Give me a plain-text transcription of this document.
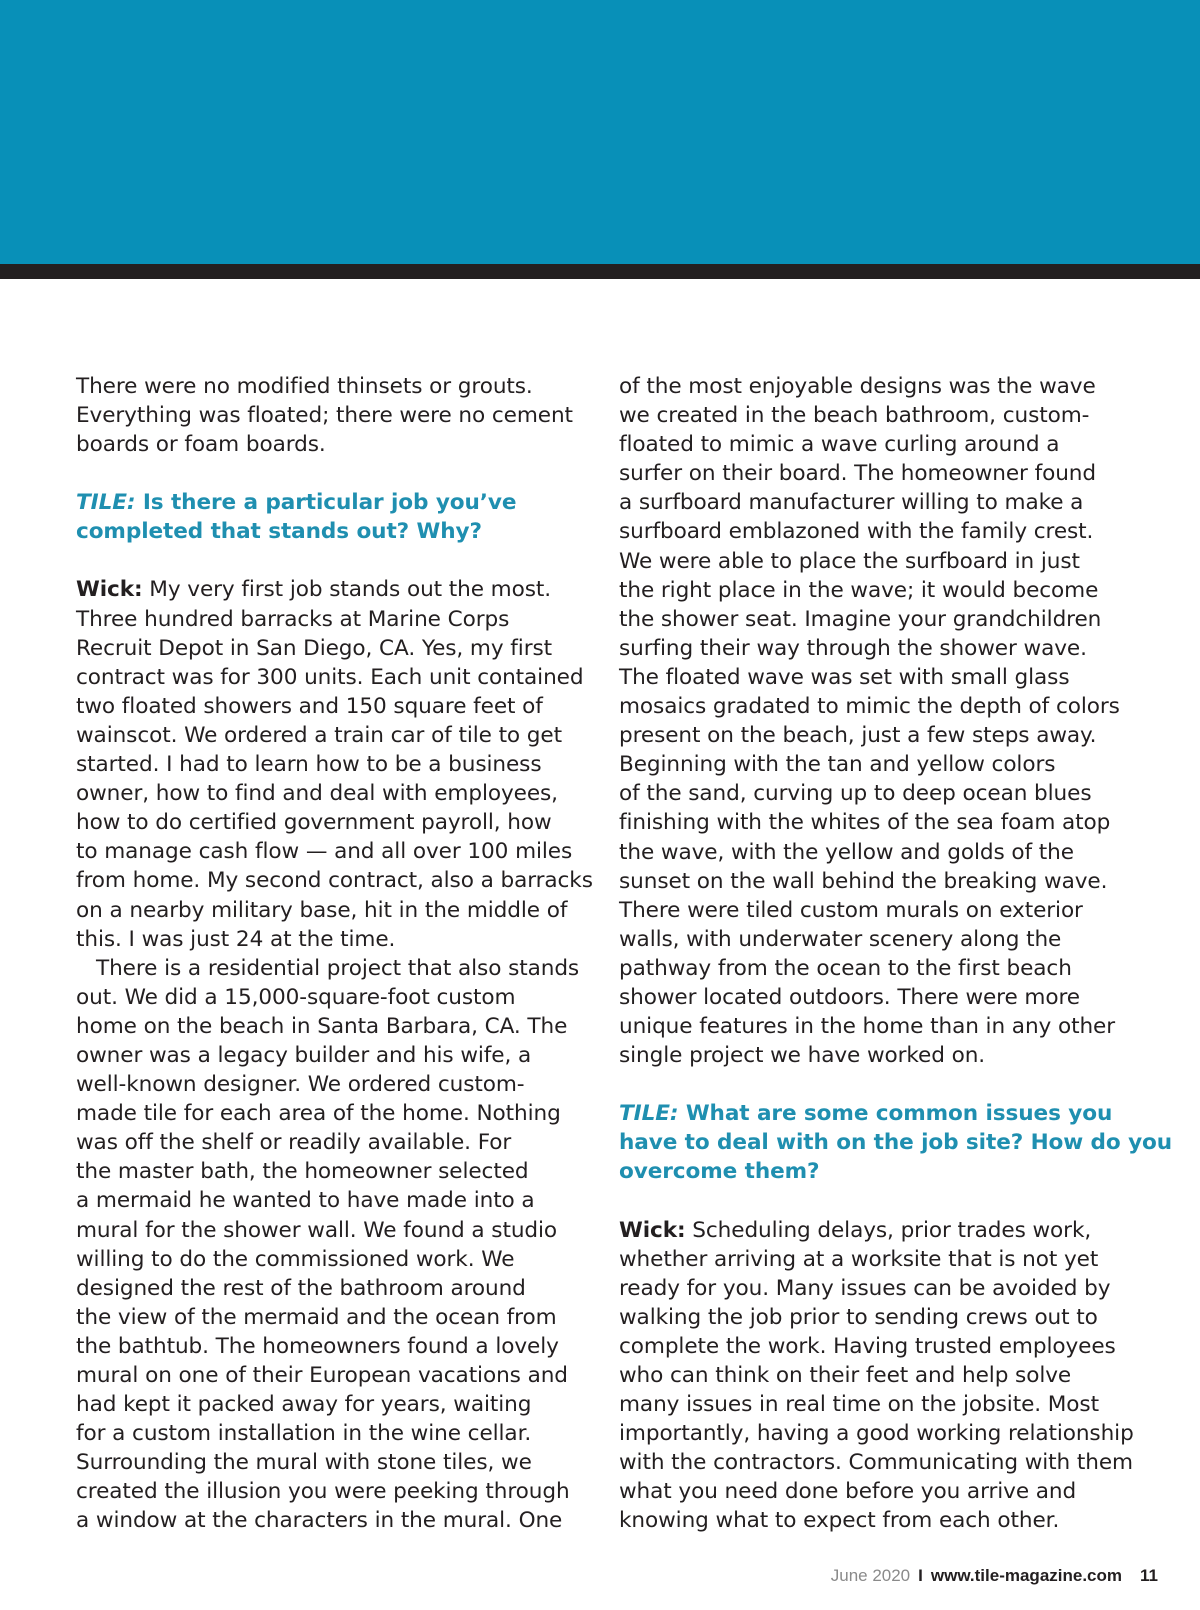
There were no modified thinsets or grouts.
Everything was floated; there were no cement
boards or foam boards.

TILE: Is there a particular job you’ve
completed that stands out? Why?

Wick: My very first job stands out the most.
Three hundred barracks at Marine Corps
Recruit Depot in San Diego, CA. Yes, my first
contract was for 300 units. Each unit contained
two floated showers and 150 square feet of
wainscot. We ordered a train car of tile to get
started. I had to learn how to be a business
owner, how to find and deal with employees,
how to do certified government payroll, how
to manage cash flow — and all over 100 miles
from home. My second contract, also a barracks
on a nearby military base, hit in the middle of
this. I was just 24 at the time.

There is a residential project that also stands
out. We did a 15,000-square-foot custom
home on the beach in Santa Barbara, CA. The
owner was a legacy builder and his wife, a
well-known designer. We ordered custom-
made tile for each area of the home. Nothing
was off the shelf or readily available. For
the master bath, the homeowner selected
a mermaid he wanted to have made into a
mural for the shower wall. We found a studio
willing to do the commissioned work. We
designed the rest of the bathroom around
the view of the mermaid and the ocean from
the bathtub. The homeowners found a lovely
mural on one of their European vacations and
had kept it packed away for years, waiting
for a custom installation in the wine cellar.
Surrounding the mural with stone tiles, we
created the illusion you were peeking through
a window at the characters in the mural. One

of the most enjoyable designs was the wave
we created in the beach bathroom, custom-
floated to mimic a wave curling around a
surfer on their board. The homeowner found
a surfboard manufacturer willing to make a
surfboard emblazoned with the family crest.
We were able to place the surfboard in just
the right place in the wave; it would become
the shower seat. Imagine your grandchildren
surfing their way through the shower wave.
The floated wave was set with small glass
mosaics gradated to mimic the depth of colors
present on the beach, just a few steps away.
Beginning with the tan and yellow colors
of the sand, curving up to deep ocean blues
finishing with the whites of the sea foam atop
the wave, with the yellow and golds of the
sunset on the wall behind the breaking wave.
There were tiled custom murals on exterior
walls, with underwater scenery along the
pathway from the ocean to the first beach
shower located outdoors. There were more
unique features in the home than in any other
single project we have worked on.

TILE: What are some common issues you
have to deal with on the job site? How do you
overcome them?

Wick: Scheduling delays, prior trades work,
whether arriving at a worksite that is not yet
ready for you. Many issues can be avoided by
walking the job prior to sending crews out to
complete the work. Having trusted employees
who can think on their feet and help solve
many issues in real time on the jobsite. Most
importantly, having a good working relationship
with the contractors. Communicating with them
what you need done before you arrive and
knowing what to expect from each other.

June 2020 I www.tile-magazine.com 11
